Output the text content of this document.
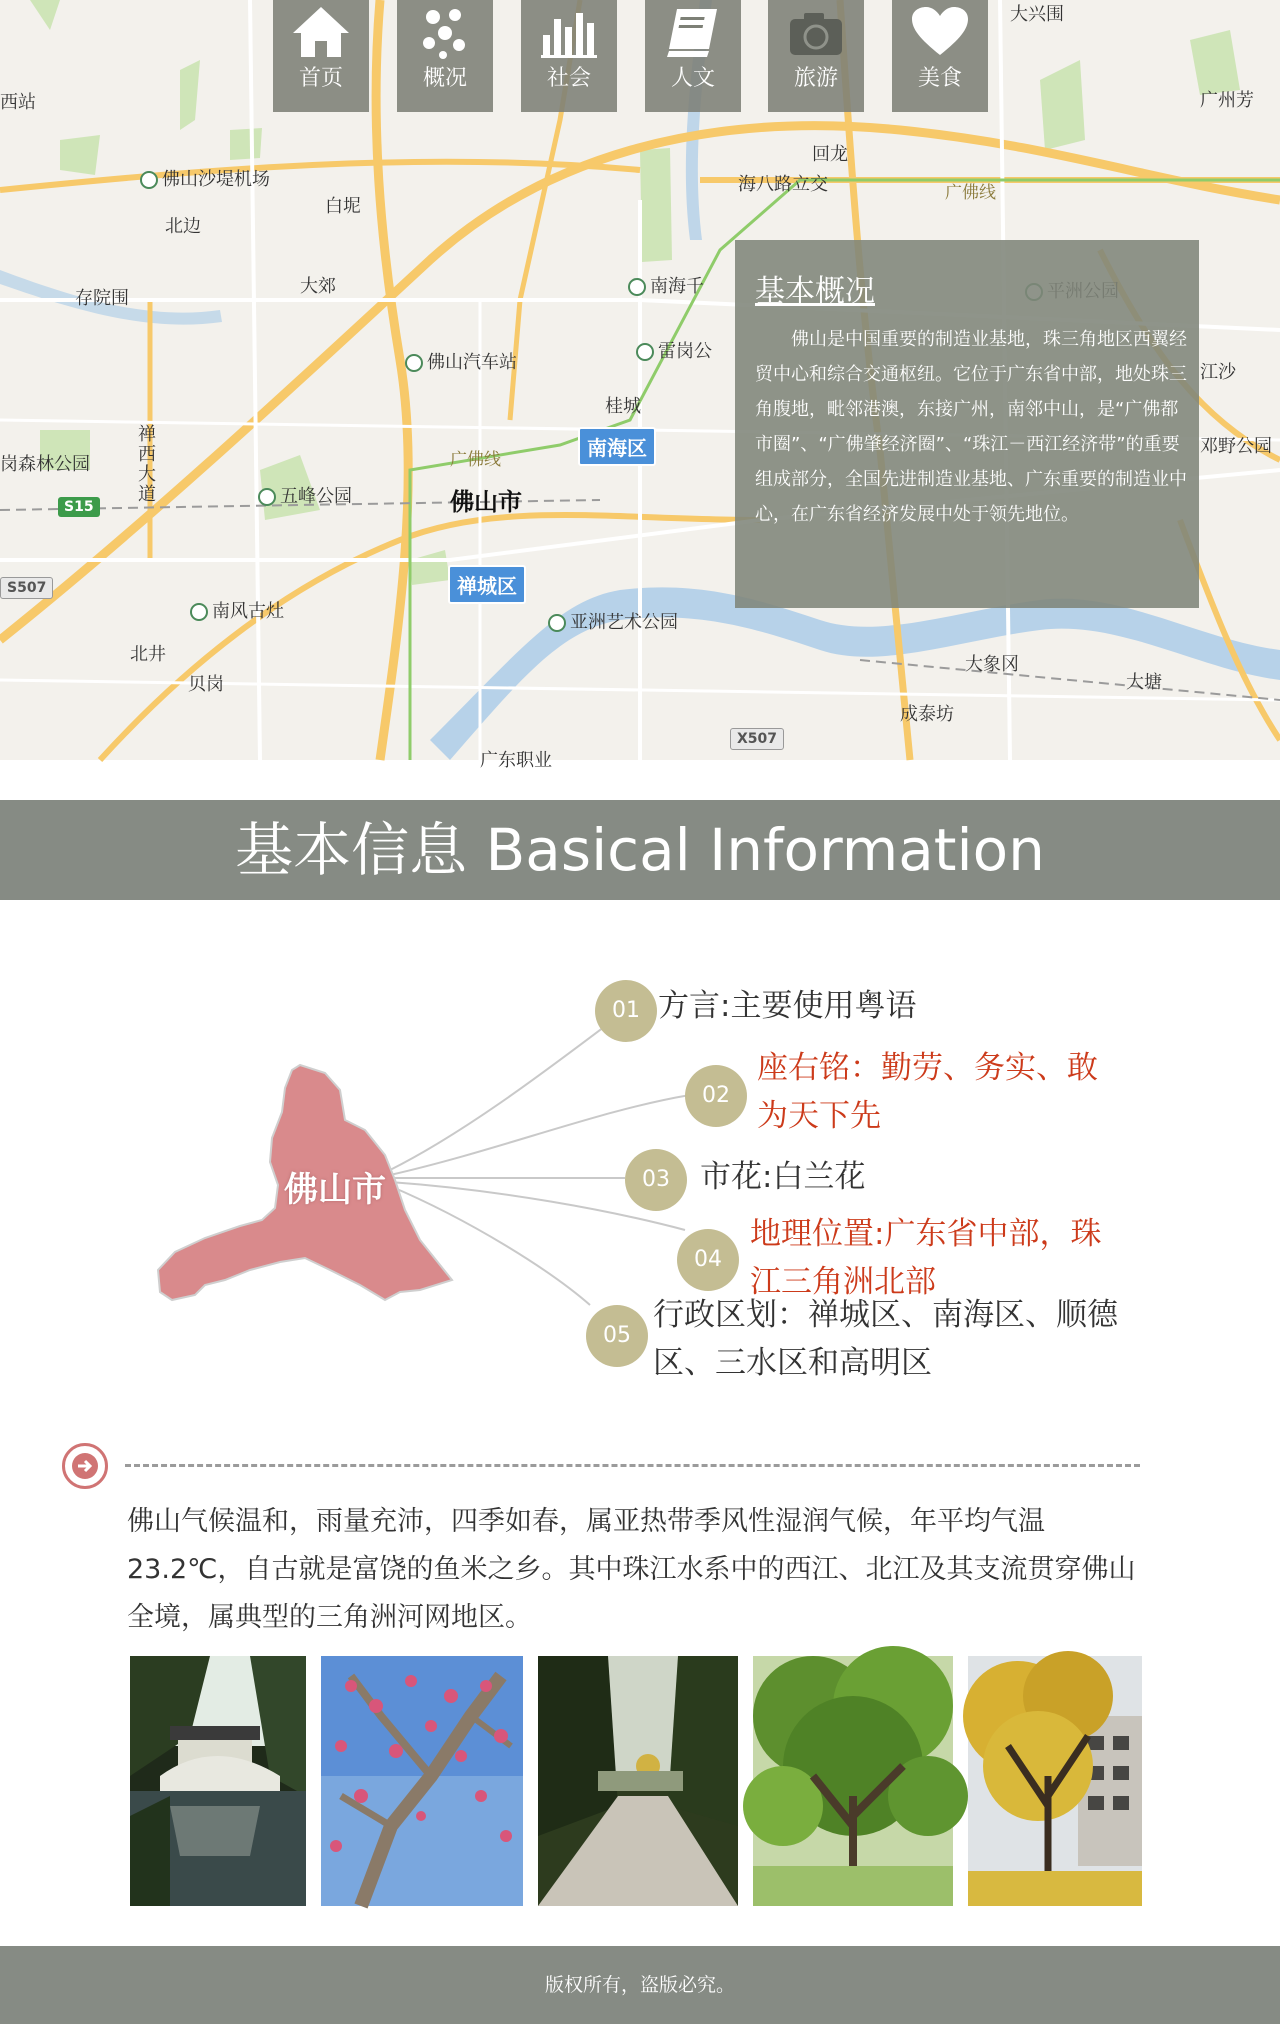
佛山沙堤机场
北边
白坭
大郊
存院围
西站
佛山汽车站
桂城
佛山市
广佛线
五峰公园
南风古灶
北井
贝岗
禅西大道
亚洲艺术公园
南海千
雷岗公
回龙
海八路立交	广佛线
大兴围
广州芳
大象冈
大塘
成泰坊
岗森林公园
江沙
邓野公园
广东职业
禅城区
南海区
S15
X507
S507
首页	概况	社会	人文	旅游	美食
基本概况
佛山是中国重要的制造业基地，珠三角地区西翼经贸中心和综合交通枢纽。它位于广东省中部，地处珠三角腹地，毗邻港澳，东接广州，南邻中山，是“广佛都市圈”、“广佛肇经济圈”、“珠江－西江经济带”的重要组成部分，全国先进制造业基地、广东重要的制造业中心，在广东省经济发展中处于领先地位。
基本信息 Basical Information
佛山市
01 方言:主要使用粤语
02
座右铭：勤劳、务实、敢为天下先
03 市花:白兰花
04
地理位置:广东省中部，珠江三角洲北部
05
行政区划：禅城区、南海区、顺德区、三水区和高明区
佛山气候温和，雨量充沛，四季如春，属亚热带季风性湿润气候，年平均气温23.2℃，自古就是富饶的鱼米之乡。其中珠江水系中的西江、北江及其支流贯穿佛山全境，属典型的三角洲河网地区。
版权所有，盗版必究。
